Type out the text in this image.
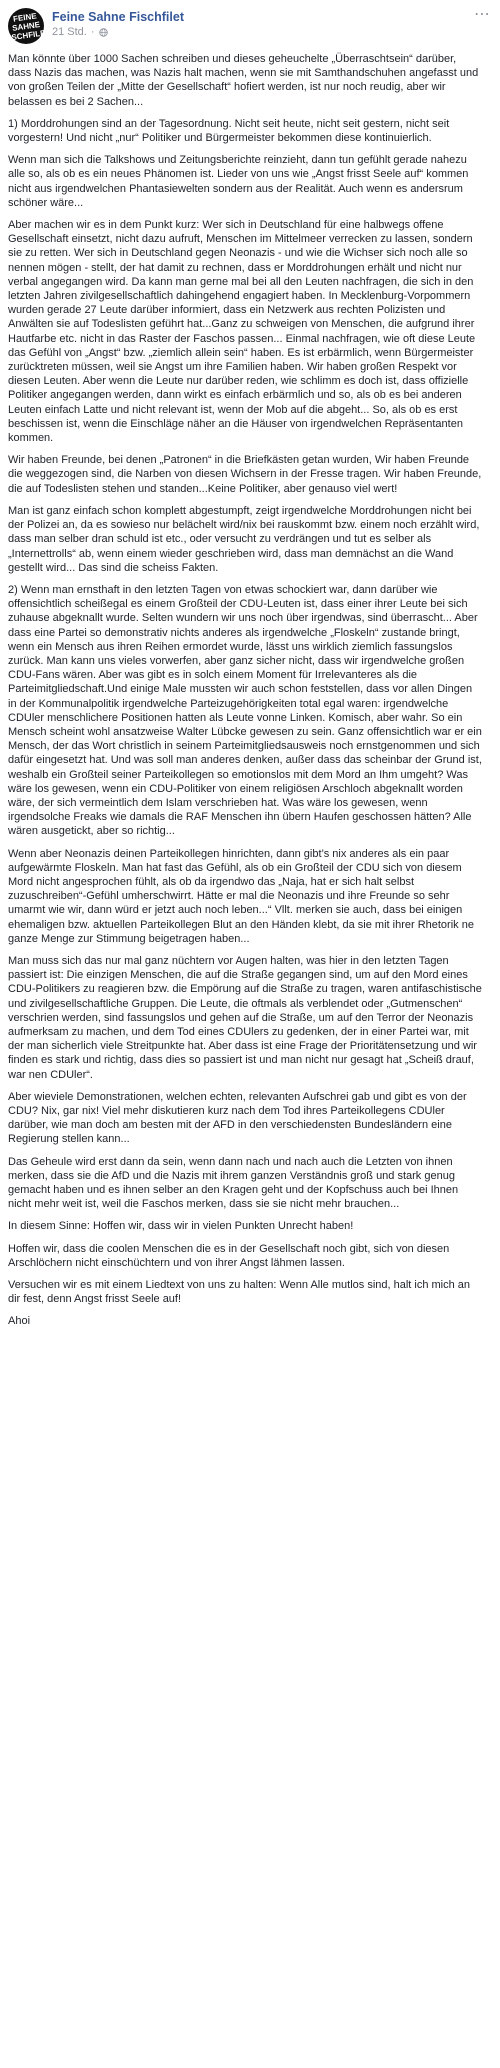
FEINE SAHNE FISCHFILET
Feine Sahne Fischfilet
21 Std. ·
⋯

Man könnte über 1000 Sachen schreiben und dieses geheuchelte „Überraschtsein“ darüber, dass Nazis das machen, was Nazis halt machen, wenn sie mit Samthandschuhen angefasst und von großen Teilen der „Mitte der Gesellschaft“ hofiert werden, ist nur noch reudig, aber wir belassen es bei 2 Sachen...

1) Morddrohungen sind an der Tagesordnung. Nicht seit heute, nicht seit gestern, nicht seit vorgestern! Und nicht „nur“ Politiker und Bürgermeister bekommen diese kontinuierlich.

Wenn man sich die Talkshows und Zeitungsberichte reinzieht, dann tun gefühlt gerade nahezu alle so, als ob es ein neues Phänomen ist. Lieder von uns wie „Angst frisst Seele auf“ kommen nicht aus irgendwelchen Phantasiewelten sondern aus der Realität. Auch wenn es andersrum schöner wäre...

Aber machen wir es in dem Punkt kurz: Wer sich in Deutschland für eine halbwegs offene Gesellschaft einsetzt, nicht dazu aufruft, Menschen im Mittelmeer verrecken zu lassen, sondern sie zu retten. Wer sich in Deutschland gegen Neonazis - und wie die Wichser sich noch alle so nennen mögen - stellt, der hat damit zu rechnen, dass er Morddrohungen erhält und nicht nur verbal angegangen wird. Da kann man gerne mal bei all den Leuten nachfragen, die sich in den letzten Jahren zivilgesellschaftlich dahingehend engagiert haben. In Mecklenburg-Vorpommern wurden gerade 27 Leute darüber informiert, dass ein Netzwerk aus rechten Polizisten und Anwälten sie auf Todeslisten geführt hat...Ganz zu schweigen von Menschen, die aufgrund ihrer Hautfarbe etc. nicht in das Raster der Faschos passen... Einmal nachfragen, wie oft diese Leute das Gefühl von „Angst“ bzw. „ziemlich allein sein“ haben. Es ist erbärmlich, wenn Bürgermeister zurücktreten müssen, weil sie Angst um ihre Familien haben. Wir haben großen Respekt vor diesen Leuten. Aber wenn die Leute nur darüber reden, wie schlimm es doch ist, dass offizielle Politiker angegangen werden, dann wirkt es einfach erbärmlich und so, als ob es bei anderen Leuten einfach Latte und nicht relevant ist, wenn der Mob auf die abgeht... So, als ob es erst beschissen ist, wenn die Einschläge näher an die Häuser von irgendwelchen Repräsentanten kommen.

Wir haben Freunde, bei denen „Patronen“ in die Briefkästen getan wurden, Wir haben Freunde die weggezogen sind, die Narben von diesen Wichsern in der Fresse tragen. Wir haben Freunde, die auf Todeslisten stehen und standen...Keine Politiker, aber genauso viel wert!

Man ist ganz einfach schon komplett abgestumpft, zeigt irgendwelche Morddrohungen nicht bei der Polizei an, da es sowieso nur belächelt wird/nix bei rauskommt bzw. einem noch erzählt wird, dass man selber dran schuld ist etc., oder versucht zu verdrängen und tut es selber als „Internettrolls“ ab, wenn einem wieder geschrieben wird, dass man demnächst an die Wand gestellt wird... Das sind die scheiss Fakten.

2) Wenn man ernsthaft in den letzten Tagen von etwas schockiert war, dann darüber wie offensichtlich scheißegal es einem Großteil der CDU-Leuten ist, dass einer ihrer Leute bei sich zuhause abgeknallt wurde. Selten wundern wir uns noch über irgendwas, sind überrascht... Aber dass eine Partei so demonstrativ nichts anderes als irgendwelche „Floskeln“ zustande bringt, wenn ein Mensch aus ihren Reihen ermordet wurde, lässt uns wirklich ziemlich fassungslos zurück. Man kann uns vieles vorwerfen, aber ganz sicher nicht, dass wir irgendwelche großen CDU-Fans wären. Aber was gibt es in solch einem Moment für Irrelevanteres als die Parteimitgliedschaft.Und einige Male mussten wir auch schon feststellen, dass vor allen Dingen in der Kommunalpolitik irgendwelche Parteizugehörigkeiten total egal waren: irgendwelche CDUler menschlichere Positionen hatten als Leute vonne Linken. Komisch, aber wahr. So ein Mensch scheint wohl ansatzweise Walter Lübcke gewesen zu sein. Ganz offensichtlich war er ein Mensch, der das Wort christlich in seinem Parteimitgliedsausweis noch ernstgenommen und sich dafür eingesetzt hat. Und was soll man anderes denken, außer dass das scheinbar der Grund ist, weshalb ein Großteil seiner Parteikollegen so emotionslos mit dem Mord an Ihm umgeht? Was wäre los gewesen, wenn ein CDU-Politiker von einem religiösen Arschloch abgeknallt worden wäre, der sich vermeintlich dem Islam verschrieben hat. Was wäre los gewesen, wenn irgendsolche Freaks wie damals die RAF Menschen ihn übern Haufen geschossen hätten? Alle wären ausgetickt, aber so richtig...

Wenn aber Neonazis deinen Parteikollegen hinrichten, dann gibt’s nix anderes als ein paar aufgewärmte Floskeln. Man hat fast das Gefühl, als ob ein Großteil der CDU sich von diesem Mord nicht angesprochen fühlt, als ob da irgendwo das „Naja, hat er sich halt selbst zuzuschreiben“-Gefühl umherschwirrt. Hätte er mal die Neonazis und ihre Freunde so sehr umarmt wie wir, dann würd er jetzt auch noch leben...“ Vllt. merken sie auch, dass bei einigen ehemaligen bzw. aktuellen Parteikollegen Blut an den Händen klebt, da sie mit ihrer Rhetorik ne ganze Menge zur Stimmung beigetragen haben...

Man muss sich das nur mal ganz nüchtern vor Augen halten, was hier in den letzten Tagen passiert ist: Die einzigen Menschen, die auf die Straße gegangen sind, um auf den Mord eines CDU-Politikers zu reagieren bzw. die Empörung auf die Straße zu tragen, waren antifaschistische und zivilgesellschaftliche Gruppen. Die Leute, die oftmals als verblendet oder „Gutmenschen“ verschrien werden, sind fassungslos und gehen auf die Straße, um auf den Terror der Neonazis aufmerksam zu machen, und dem Tod eines CDUlers zu gedenken, der in einer Partei war, mit der man sicherlich viele Streitpunkte hat. Aber dass ist eine Frage der Prioritätensetzung und wir finden es stark und richtig, dass dies so passiert ist und man nicht nur gesagt hat „Scheiß drauf, war nen CDUler“.

Aber wieviele Demonstrationen, welchen echten, relevanten Aufschrei gab und gibt es von der CDU? Nix, gar nix! Viel mehr diskutieren kurz nach dem Tod ihres Parteikollegens CDUler darüber, wie man doch am besten mit der AFD in den verschiedensten Bundesländern eine Regierung stellen kann...

Das Geheule wird erst dann da sein, wenn dann nach und nach auch die Letzten von ihnen merken, dass sie die AfD und die Nazis mit ihrem ganzen Verständnis groß und stark genug gemacht haben und es ihnen selber an den Kragen geht und der Kopfschuss auch bei Ihnen nicht mehr weit ist, weil die Faschos merken, dass sie sie nicht mehr brauchen...

In diesem Sinne: Hoffen wir, dass wir in vielen Punkten Unrecht haben!

Hoffen wir, dass die coolen Menschen die es in der Gesellschaft noch gibt, sich von diesen Arschlöchern nicht einschüchtern und von ihrer Angst lähmen lassen.

Versuchen wir es mit einem Liedtext von uns zu halten: Wenn Alle mutlos sind, halt ich mich an dir fest, denn Angst frisst Seele auf!

Ahoi
